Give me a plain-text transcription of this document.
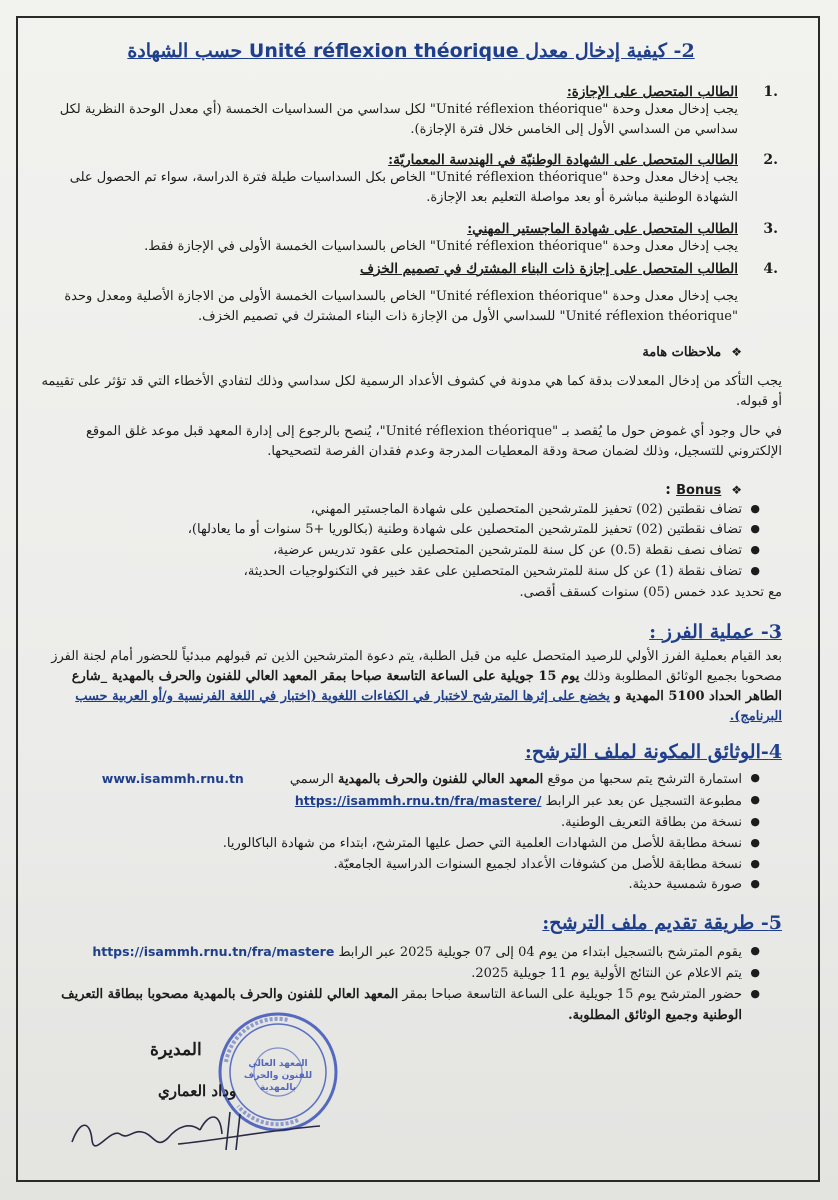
2- كيفية إدخال معدل Unité réflexion théorique حسب الشهادة
.1
الطالب المتحصل على الإجازة:

يجب إدخال معدل وحدة "Unité réflexion théorique" لكل سداسي من السداسيات الخمسة (أي معدل الوحدة النظرية لكل سداسي من السداسي الأول إلى الخامس خلال فترة الإجازة).

.2
الطالب المتحصل على الشهادة الوطنيّة في الهندسة المعماريّة:

يجب إدخال معدل وحدة "Unité réflexion théorique" الخاص بكل السداسيات طيلة فترة الدراسة، سواء تم الحصول على الشهادة الوطنية مباشرة أو بعد مواصلة التعليم بعد الإجازة.

.3
الطالب المتحصل على شهادة الماجستير المهني:

يجب إدخال معدل وحدة "Unité réflexion théorique" الخاص بالسداسيات الخمسة الأولى في الإجازة فقط.

.4
الطالب المتحصل على إجازة ذات البناء المشترك في تصميم الخزف

يجب إدخال معدل وحدة "Unité réflexion théorique" الخاص بالسداسيات الخمسة الأولى من الاجازة الأصلية ومعدل وحدة "Unité réflexion théorique" للسداسي الأول من الإجازة ذات البناء المشترك في تصميم الخزف.

❖ملاحظات هامة

يجب التأكد من إدخال المعدلات بدقة كما هي مدونة في كشوف الأعداد الرسمية لكل سداسي وذلك لتفادي الأخطاء التي قد تؤثر على تقييمه أو قبوله.

في حال وجود أي غموض حول ما يُقصد بـ "Unité réflexion théorique"، يُنصح بالرجوع إلى إدارة المعهد قبل موعد غلق الموقع الإلكتروني للتسجيل، وذلك لضمان صحة ودقة المعطيات المدرجة وعدم فقدان الفرصة لتصحيحها.

❖Bonus :
●
تضاف نقطتين (02) تحفيز للمترشحين المتحصلين على شهادة الماجستير المهني،
●
تضاف نقطتين (02) تحفيز للمترشحين المتحصلين على شهادة وطنية (بكالوريا +5 سنوات أو ما يعادلها)،
●
تضاف نصف نقطة (0.5) عن كل سنة للمترشحين المتحصلين على عقود تدريس عرضية،
●
تضاف نقطة (1) عن كل سنة للمترشحين المتحصلين على عقد خبير في التكنولوجيات الحديثة،

مع تحديد عدد خمس (05) سنوات كسقف أقصى.

3- عملية الفرز :

بعد القيام بعملية الفرز الأولي للرصيد المتحصل عليه من قبل الطلبة، يتم دعوة المترشحين الذين تم قبولهم مبدئياً للحضور أمام لجنة الفرز مصحوبا بجميع الوثائق المطلوبة وذلك يوم 15 جويلية على الساعة التاسعة صباحا بمقر المعهد العالي للفنون والحرف بالمهدية _شارع الطاهر الحداد 5100 المهدية و يخضع على إثرها المترشح لاختبار في الكفاءات اللغوية (اختبار في اللغة الفرنسية و/أو العربية حسب البرنامج).

4-الوثائق المكونة لملف الترشح:
●
استمارة الترشح يتم سحبها من موقع المعهد العالي للفنون والحرف بالمهدية الرسميwww.isammh.rnu.tn
●
مطبوعة التسجيل عن بعد عبر الرابط https://isammh.rnu.tn/fra/mastere/
●
نسخة من بطاقة التعريف الوطنية.
●
نسخة مطابقة للأصل من الشهادات العلمية التي حصل عليها المترشح، ابتداء من شهادة الباكالوريا.
●
نسخة مطابقة للأصل من كشوفات الأعداد لجميع السنوات الدراسية الجامعيّة.
●
صورة شمسية حديثة.
5- طريقة تقديم ملف الترشح:
●
يقوم المترشح بالتسجيل ابتداء من يوم 04 إلى 07 جويلية 2025 عبر الرابط https://isammh.rnu.tn/fra/mastere
●
يتم الاعلام عن النتائج الأولية يوم 11 جويلية 2025.
●
حضور المترشح يوم 15 جويلية على الساعة التاسعة صباحا بمقر المعهد العالي للفنون والحرف بالمهدية مصحوبا ببطاقة التعريف الوطنية وجميع الوثائق المطلوبة.
المعهد العالي
للفنون والحرف
بالمهدية
المديرة
وداد العماري
